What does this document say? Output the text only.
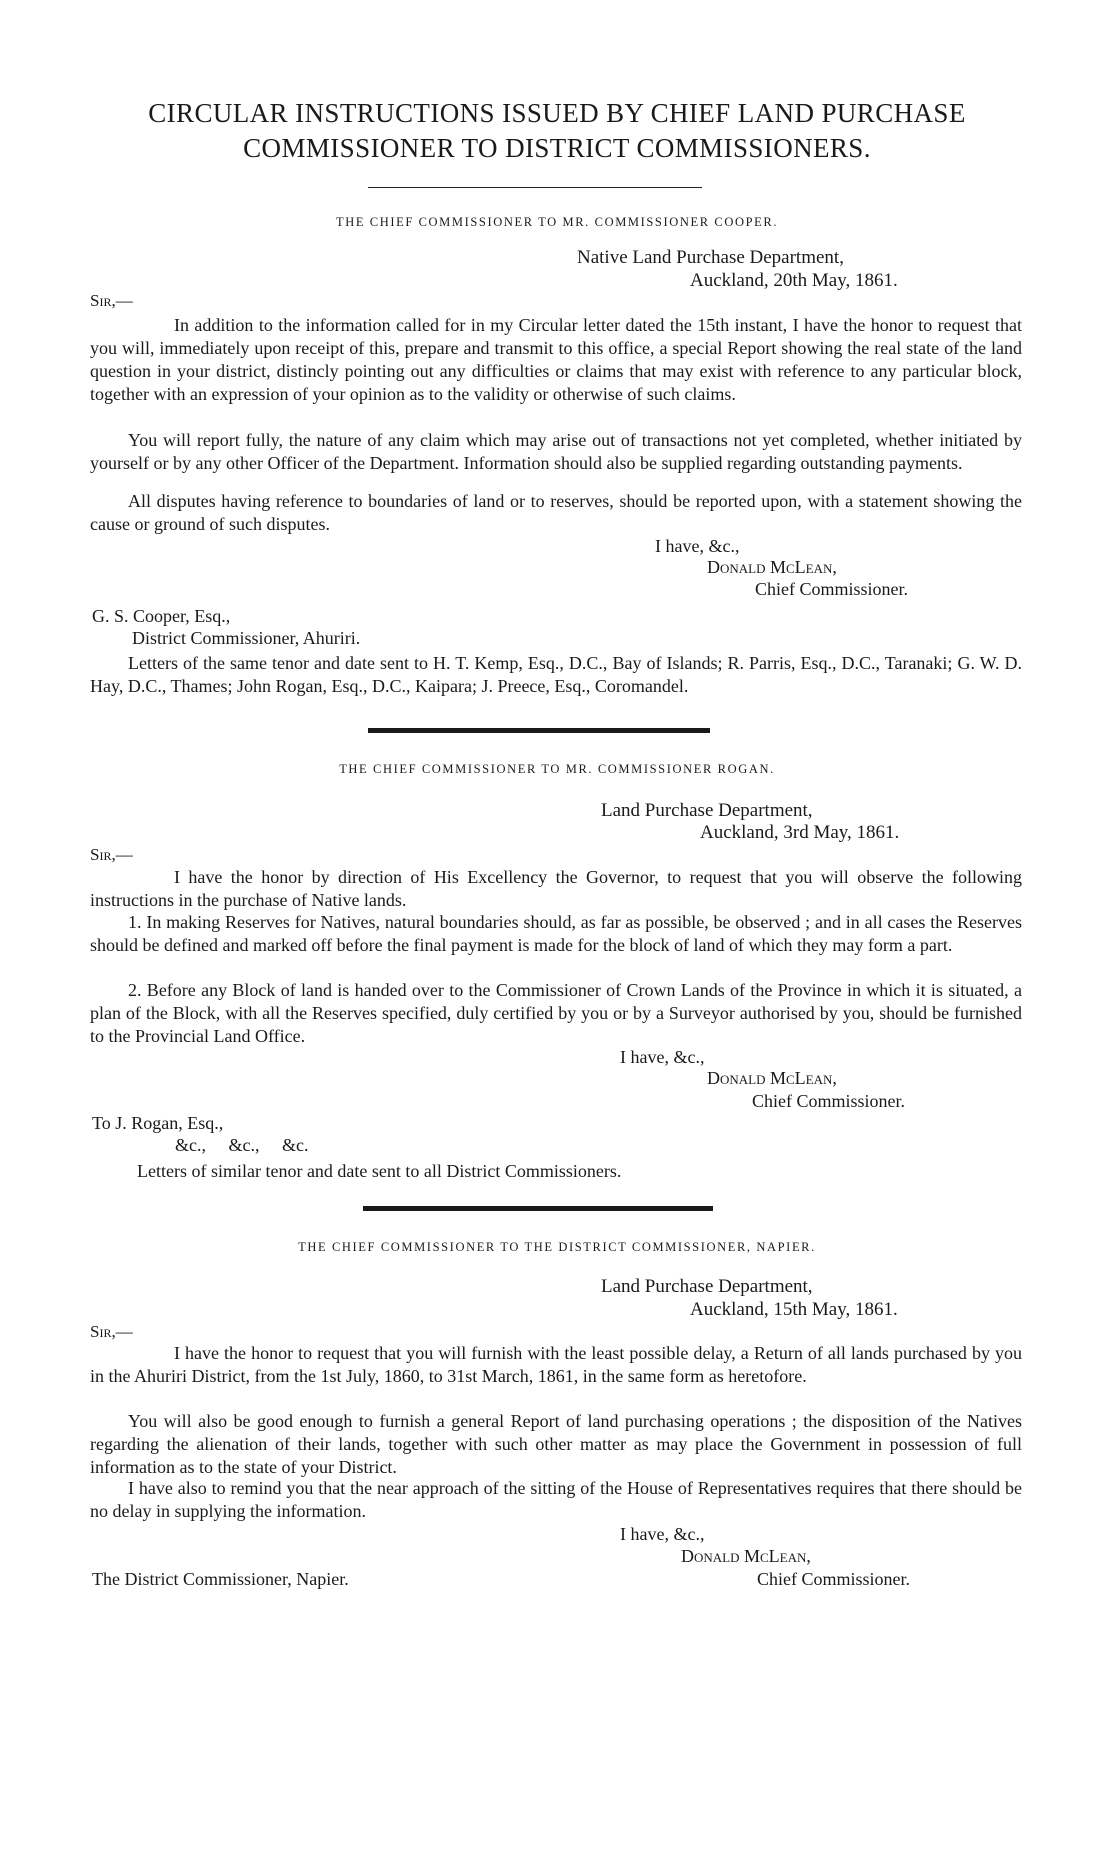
CIRCULAR INSTRUCTIONS ISSUED BY CHIEF LAND PURCHASE
COMMISSIONER TO DISTRICT COMMISSIONERS.
THE CHIEF COMMISSIONER TO MR. COMMISSIONER COOPER.
Native Land Purchase Department,
Auckland, 20th May, 1861.
Sir,—

In addition to the information called for in my Circular letter dated the 15th instant, I have the honor to request that you will, immediately upon receipt of this, prepare and transmit to this office, a special Report showing the real state of the land question in your district, distincly pointing out any difficulties or claims that may exist with reference to any particular block, together with an expression of your opinion as to the validity or otherwise of such claims.

You will report fully, the nature of any claim which may arise out of transactions not yet completed, whether initiated by yourself or by any other Officer of the Department. Information should also be supplied regarding outstanding payments.

All disputes having reference to boundaries of land or to reserves, should be reported upon, with a statement showing the cause or ground of such disputes.

I have, &c.,
Donald McLean,
Chief Commissioner.
G. S. Cooper, Esq.,
District Commissioner, Ahuriri.

Letters of the same tenor and date sent to H. T. Kemp, Esq., D.C., Bay of Islands; R. Parris, Esq., D.C., Taranaki; G. W. D. Hay, D.C., Thames; John Rogan, Esq., D.C., Kaipara; J. Preece, Esq., Coromandel.

THE CHIEF COMMISSIONER TO MR. COMMISSIONER ROGAN.
Land Purchase Department,
Auckland, 3rd May, 1861.
Sir,—

I have the honor by direction of His Excellency the Governor, to request that you will observe the following instructions in the purchase of Native lands.

1. In making Reserves for Natives, natural boundaries should, as far as possible, be observed ; and in all cases the Reserves should be defined and marked off before the final payment is made for the block of land of which they may form a part.

2. Before any Block of land is handed over to the Commissioner of Crown Lands of the Province in which it is situated, a plan of the Block, with all the Reserves specified, duly certified by you or by a Surveyor authorised by you, should be furnished to the Provincial Land Office.

I have, &c.,
Donald McLean,
Chief Commissioner.
To J. Rogan, Esq.,
&c.,     &c.,     &c.
Letters of similar tenor and date sent to all District Commissioners.
THE CHIEF COMMISSIONER TO THE DISTRICT COMMISSIONER, NAPIER.
Land Purchase Department,
Auckland, 15th May, 1861.
Sir,—

I have the honor to request that you will furnish with the least possible delay, a Return of all lands purchased by you in the Ahuriri District, from the 1st July, 1860, to 31st March, 1861, in the same form as heretofore.

You will also be good enough to furnish a general Report of land purchasing operations ; the disposition of the Natives regarding the alienation of their lands, together with such other matter as may place the Government in possession of full information as to the state of your District.

I have also to remind you that the near approach of the sitting of the House of Representatives requires that there should be no delay in supplying the information.

I have, &c.,
Donald McLean,
The District Commissioner, Napier.	Chief Commissioner.
